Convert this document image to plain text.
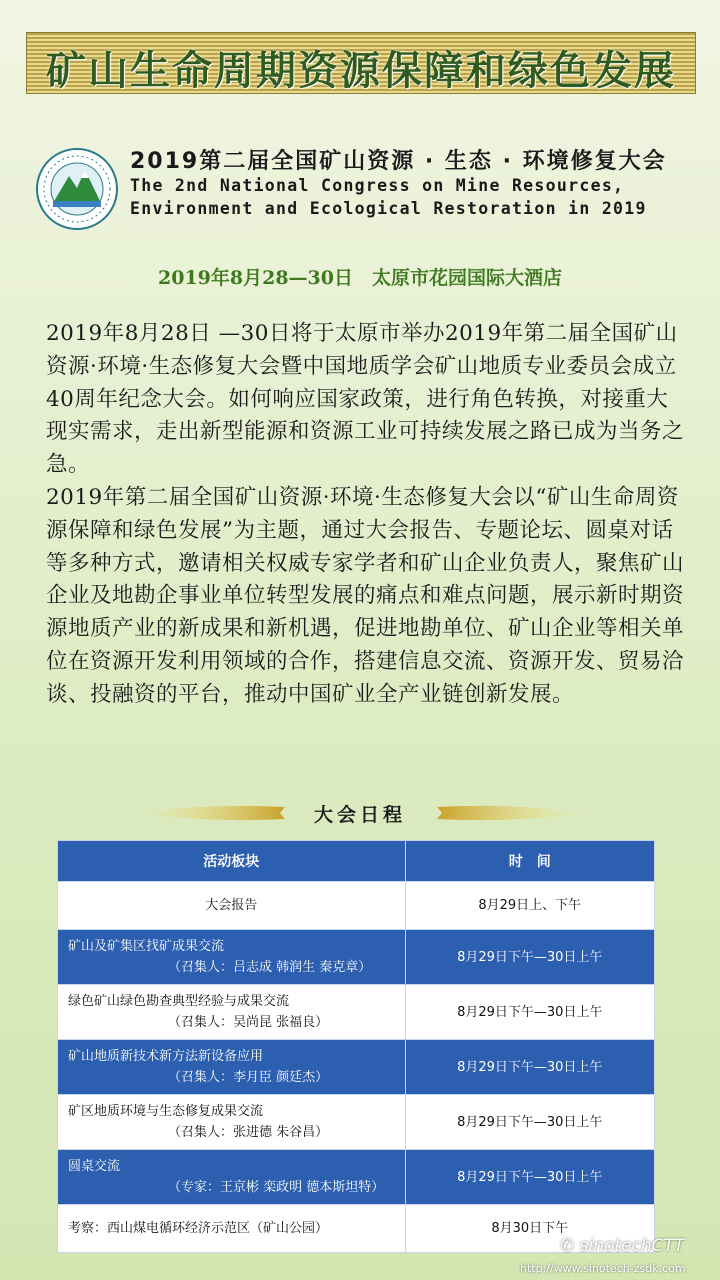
矿山生命周期资源保障和绿色发展
2019第二届全国矿山资源 · 生态 · 环境修复大会
The 2nd National Congress on Mine Resources,
Environment and Ecological Restoration in 2019
2019年8月28—30日　太原市花园国际大酒店
2019年8月28日 —30日将于太原市举办2019年第二届全国矿山资源·环境·生态修复大会暨中国地质学会矿山地质专业委员会成立40周年纪念大会。如何响应国家政策，进行角色转换，对接重大现实需求，走出新型能源和资源工业可持续发展之路已成为当务之急。
2019年第二届全国矿山资源·环境·生态修复大会以“矿山生命周资源保障和绿色发展”为主题，通过大会报告、专题论坛、圆桌对话等多种方式，邀请相关权威专家学者和矿山企业负责人，聚焦矿山企业及地勘企事业单位转型发展的痛点和难点问题，展示新时期资源地质产业的新成果和新机遇，促进地勘单位、矿山企业等相关单位在资源开发利用领域的合作，搭建信息交流、资源开发、贸易洽谈、投融资的平台，推动中国矿业全产业链创新发展。
大会日程
活动板块	时　间

大会报告	8月29日上、下午

矿山及矿集区找矿成果交流
（召集人：吕志成 韩润生 秦克章）	8月29日下午—30日上午

绿色矿山绿色勘查典型经验与成果交流
（召集人：吴尚昆 张福良）	8月29日下午—30日上午

矿山地质新技术新方法新设备应用
（召集人：李月臣 颜廷杰）	8月29日下午—30日上午

矿区地质环境与生态修复成果交流
（召集人：张进德 朱谷昌）	8月29日下午—30日上午

圆桌交流
（专家：王京彬 栾政明 德本斯坦特）	8月29日下午—30日上午

考察：西山煤电循环经济示范区（矿山公园）	8月30日下午
✆ sinotechCTT
http://www.sinotech-zsdk.com
